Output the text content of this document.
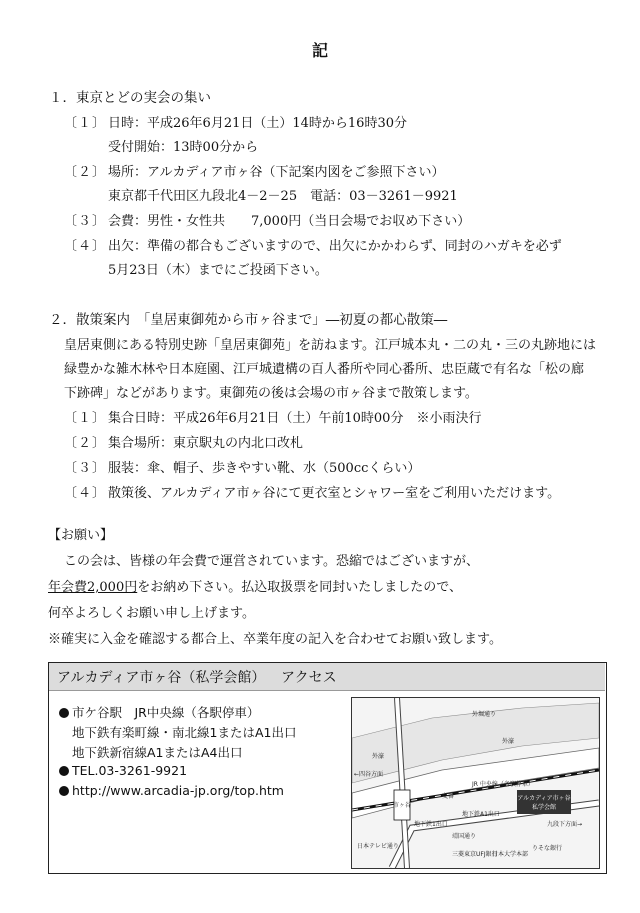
記
１．東京とどの実会の集い
〔１〕 日時：平成26年6月21日（土）14時から16時30分
受付開始：13時00分から
〔２〕 場所：アルカディア市ヶ谷（下記案内図をご参照下さい）
東京都千代田区九段北4－2－25　電話：03－3261－9921
〔３〕 会費：男性・女性共　　7,000円（当日会場でお収め下さい）
〔４〕 出欠：準備の都合もございますので、出欠にかかわらず、同封のハガキを必ず
5月23日（木）までにご投函下さい。
２．散策案内　「皇居東御苑から市ヶ谷まで」―初夏の都心散策―
皇居東側にある特別史跡「皇居東御苑」を訪ねます。江戸城本丸・二の丸・三の丸跡地には
緑豊かな雑木林や日本庭園、江戸城遺構の百人番所や同心番所、忠臣蔵で有名な「松の廊
下跡碑」などがあります。東御苑の後は会場の市ヶ谷まで散策します。
〔１〕 集合日時：平成26年6月21日（土）午前10時00分　※小雨決行
〔２〕 集合場所：東京駅丸の内北口改札
〔３〕 服装：傘、帽子、歩きやすい靴、水（500ccくらい）
〔４〕 散策後、アルカディア市ヶ谷にて更衣室とシャワー室をご利用いただけます。
【お願い】
この会は、皆様の年会費で運営されています。恐縮ではございますが、
年会費2,000円をお納め下さい。払込取扱票を同封いたしましたので、
何卒よろしくお願い申し上げます。
※確実に入金を確認する都合上、卒業年度の記入を合わせてお願い致します。
アルカディア市ヶ谷（私学会館） アクセス
市ケ谷駅　JR中央線（各駅停車）
地下鉄有楽町線・南北線1またはA1出口
地下鉄新宿線A1またはA4出口
TEL.03-3261-9921
http://www.arcadia-jp.org/top.htm
アルカディア市ヶ谷
私学会館
市ヶ谷
外堀通り
外濠
外濠
JR 中央線（各駅停車）
靖国通り
地下鉄1出口
地下鉄A1出口
九段下方面→
交番
三菱東京UFJ銀行
日本大学本部
りそな銀行
日本テレビ通り
←四谷方面
